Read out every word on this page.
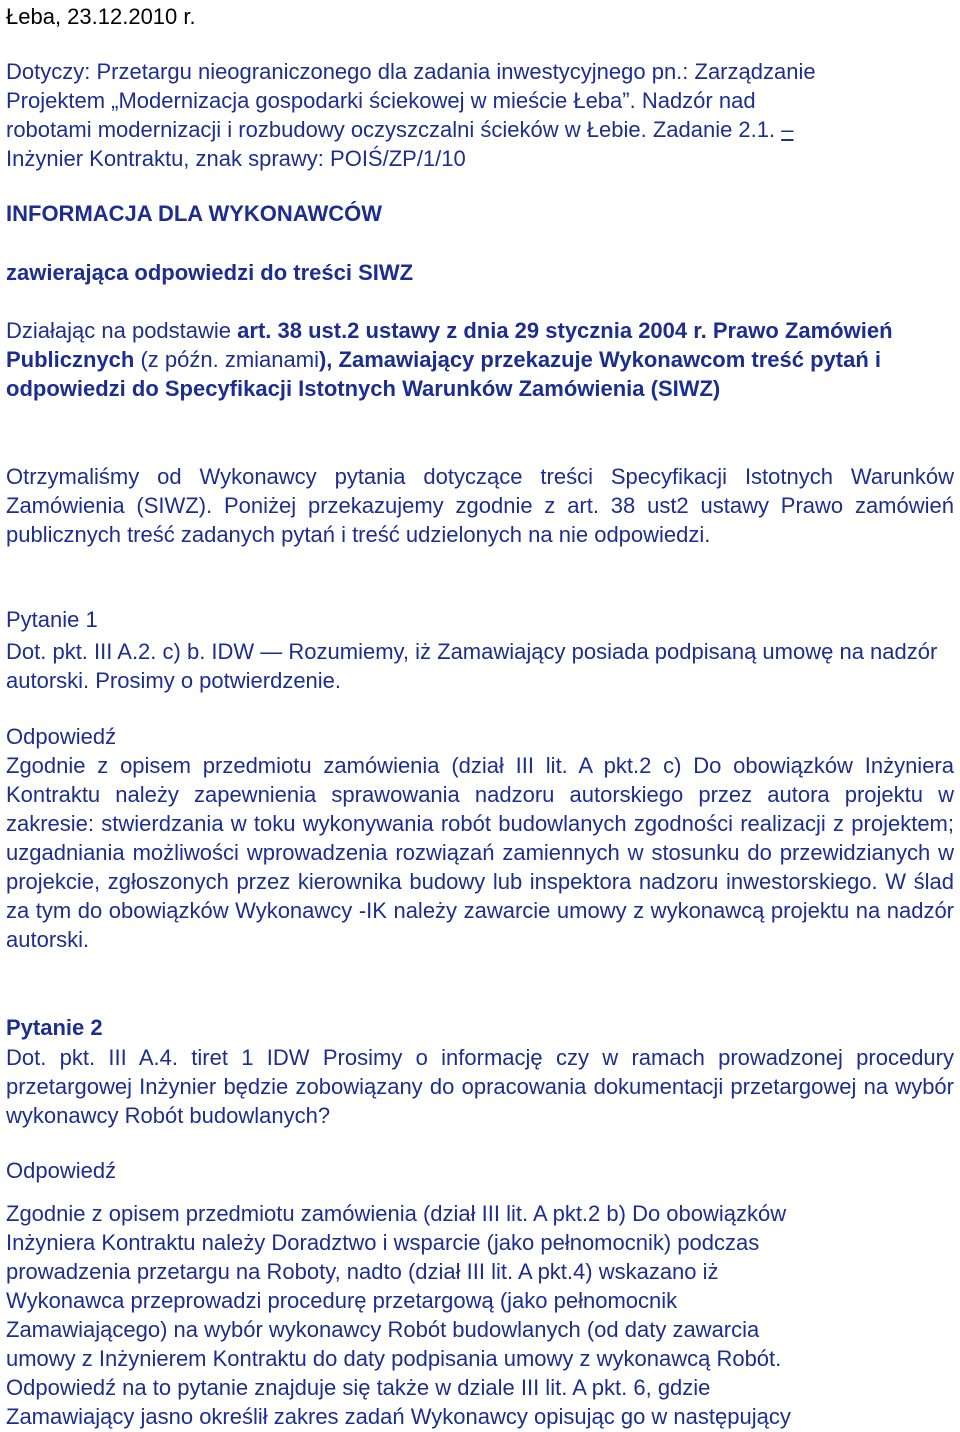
Łeba, 23.12.2010 r.
Dotyczy: Przetargu nieograniczonego dla zadania inwestycyjnego pn.: Zarządzanie
Projektem „Modernizacja gospodarki ściekowej w mieście Łeba”. Nadzór nad
robotami modernizacji i rozbudowy oczyszczalni ścieków w Łebie. Zadanie 2.1. –
Inżynier Kontraktu, znak sprawy: POIŚ/ZP/1/10
INFORMACJA DLA WYKONAWCÓW
zawierająca odpowiedzi do treści SIWZ
Działając na podstawie art. 38 ust.2 ustawy z dnia 29 stycznia 2004 r. Prawo Zamówień Publicznych (z późn. zmianami), Zamawiający przekazuje Wykonawcom treść pytań i odpowiedzi do Specyfikacji Istotnych Warunków Zamówienia (SIWZ)
Otrzymaliśmy od Wykonawcy pytania dotyczące treści Specyfikacji Istotnych Warunków Zamówienia (SIWZ). Poniżej przekazujemy zgodnie z art. 38 ust2 ustawy Prawo zamówień publicznych treść zadanych pytań i treść udzielonych na nie odpowiedzi.
Pytanie 1
Dot. pkt. III A.2. c) b. IDW — Rozumiemy, iż Zamawiający posiada podpisaną umowę na nadzór autorski. Prosimy o potwierdzenie.
Odpowiedź
Zgodnie z opisem przedmiotu zamówienia (dział III lit. A pkt.2 c) Do obowiązków Inżyniera Kontraktu należy zapewnienia sprawowania nadzoru autorskiego przez autora projektu w zakresie: stwierdzania w toku wykonywania robót budowlanych zgodności realizacji z projektem; uzgadniania możliwości wprowadzenia rozwiązań zamiennych w stosunku do przewidzianych w projekcie, zgłoszonych przez kierownika budowy lub inspektora nadzoru inwestorskiego. W ślad za tym do obowiązków Wykonawcy -IK należy zawarcie umowy z wykonawcą projektu na nadzór autorski.
Pytanie 2
Dot. pkt. III A.4. tiret 1 IDW Prosimy o informację czy w ramach prowadzonej procedury przetargowej Inżynier będzie zobowiązany do opracowania dokumentacji przetargowej na wybór wykonawcy Robót budowlanych?
Odpowiedź
Zgodnie z opisem przedmiotu zamówienia (dział III lit. A pkt.2 b) Do obowiązków
Inżyniera Kontraktu należy Doradztwo i wsparcie (jako pełnomocnik) podczas
prowadzenia przetargu na Roboty, nadto (dział III lit. A pkt.4) wskazano iż
Wykonawca przeprowadzi procedurę przetargową (jako pełnomocnik
Zamawiającego) na wybór wykonawcy Robót budowlanych (od daty zawarcia
umowy z Inżynierem Kontraktu do daty podpisania umowy z wykonawcą Robót.
Odpowiedź na to pytanie znajduje się także w dziale III lit. A pkt. 6, gdzie
Zamawiający jasno określił zakres zadań Wykonawcy opisując go w następujący
